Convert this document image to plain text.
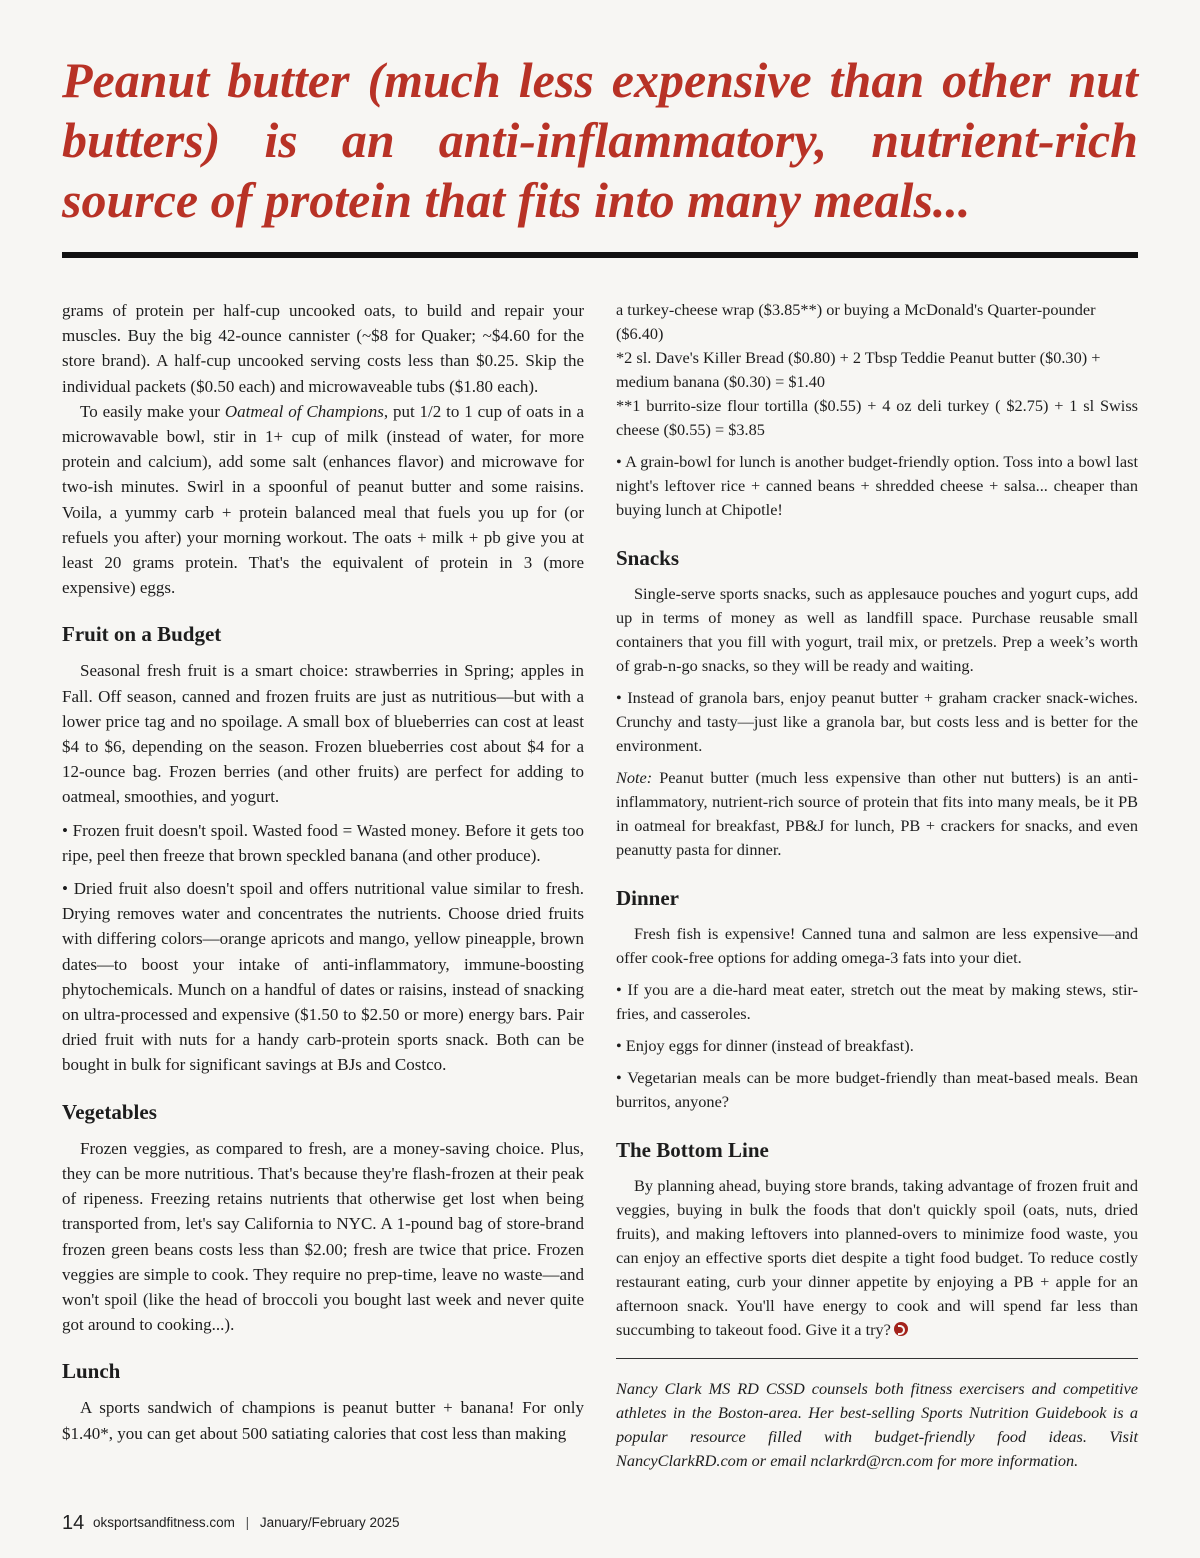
Peanut butter (much less expensive than other nut butters) is an anti-inflammatory, nutrient-rich source of protein that fits into many meals...

grams of protein per half-cup uncooked oats, to build and repair your muscles. Buy the big 42-ounce cannister (~$8 for Quaker; ~$4.60 for the store brand). A half-cup uncooked serving costs less than $0.25. Skip the individual packets ($0.50 each) and microwaveable tubs ($1.80 each).

To easily make your Oatmeal of Champions, put 1/2 to 1 cup of oats in a microwavable bowl, stir in 1+ cup of milk (instead of water, for more protein and calcium), add some salt (enhances flavor) and microwave for two-ish minutes. Swirl in a spoonful of peanut butter and some raisins. Voila, a yummy carb + protein balanced meal that fuels you up for (or refuels you after) your morning workout. The oats + milk + pb give you at least 20 grams protein. That's the equivalent of protein in 3 (more expensive) eggs.

Fruit on a Budget

Seasonal fresh fruit is a smart choice: strawberries in Spring; apples in Fall. Off season, canned and frozen fruits are just as nutritious—but with a lower price tag and no spoilage. A small box of blueberries can cost at least $4 to $6, depending on the season. Frozen blueberries cost about $4 for a 12-ounce bag. Frozen berries (and other fruits) are perfect for adding to oatmeal, smoothies, and yogurt.

• Frozen fruit doesn't spoil. Wasted food = Wasted money. Before it gets too ripe, peel then freeze that brown speckled banana (and other produce).

• Dried fruit also doesn't spoil and offers nutritional value similar to fresh. Drying removes water and concentrates the nutrients. Choose dried fruits with differing colors—orange apricots and mango, yellow pineapple, brown dates—to boost your intake of anti-inflammatory, immune-boosting phytochemicals. Munch on a handful of dates or raisins, instead of snacking on ultra-processed and expensive ($1.50 to $2.50 or more) energy bars. Pair dried fruit with nuts for a handy carb-protein sports snack. Both can be bought in bulk for significant savings at BJs and Costco.

Vegetables

Frozen veggies, as compared to fresh, are a money-saving choice. Plus, they can be more nutritious. That's because they're flash-frozen at their peak of ripeness. Freezing retains nutrients that otherwise get lost when being transported from, let's say California to NYC. A 1-pound bag of store-brand frozen green beans costs less than $2.00; fresh are twice that price. Frozen veggies are simple to cook. They require no prep-time, leave no waste—and won't spoil (like the head of broccoli you bought last week and never quite got around to cooking...).

Lunch

A sports sandwich of champions is peanut butter + banana! For only $1.40*, you can get about 500 satiating calories that cost less than making

a turkey-cheese wrap ($3.85**) or buying a McDonald's Quarter-pounder ($6.40)

*2 sl. Dave's Killer Bread ($0.80) + 2 Tbsp Teddie Peanut butter ($0.30) + medium banana ($0.30) = $1.40

**1 burrito-size flour tortilla ($0.55) + 4 oz deli turkey ( $2.75) + 1 sl Swiss cheese ($0.55) = $3.85

• A grain-bowl for lunch is another budget-friendly option. Toss into a bowl last night's leftover rice + canned beans + shredded cheese + salsa... cheaper than buying lunch at Chipotle!

Snacks

Single-serve sports snacks, such as applesauce pouches and yogurt cups, add up in terms of money as well as landfill space. Purchase reusable small containers that you fill with yogurt, trail mix, or pretzels. Prep a week’s worth of grab-n-go snacks, so they will be ready and waiting.

• Instead of granola bars, enjoy peanut butter + graham cracker snack-wiches. Crunchy and tasty—just like a granola bar, but costs less and is better for the environment.

Note: Peanut butter (much less expensive than other nut butters) is an anti-inflammatory, nutrient-rich source of protein that fits into many meals, be it PB in oatmeal for breakfast, PB&J for lunch, PB + crackers for snacks, and even peanutty pasta for dinner.

Dinner

Fresh fish is expensive! Canned tuna and salmon are less expensive—and offer cook-free options for adding omega-3 fats into your diet.

• If you are a die-hard meat eater, stretch out the meat by making stews, stir-fries, and casseroles.

• Enjoy eggs for dinner (instead of breakfast).

• Vegetarian meals can be more budget-friendly than meat-based meals. Bean burritos, anyone?

The Bottom Line

By planning ahead, buying store brands, taking advantage of frozen fruit and veggies, buying in bulk the foods that don't quickly spoil (oats, nuts, dried fruits), and making leftovers into planned-overs to minimize food waste, you can enjoy an effective sports diet despite a tight food budget. To reduce costly restaurant eating, curb your dinner appetite by enjoying a PB + apple for an afternoon snack. You'll have energy to cook and will spend far less than succumbing to takeout food. Give it a try?

Nancy Clark MS RD CSSD counsels both fitness exercisers and competitive athletes in the Boston-area. Her best-selling Sports Nutrition Guidebook is a popular resource filled with budget-friendly food ideas. Visit NancyClarkRD.com or email nclarkrd@rcn.com for more information.

14 oksportsandfitness.com | January/February 2025
